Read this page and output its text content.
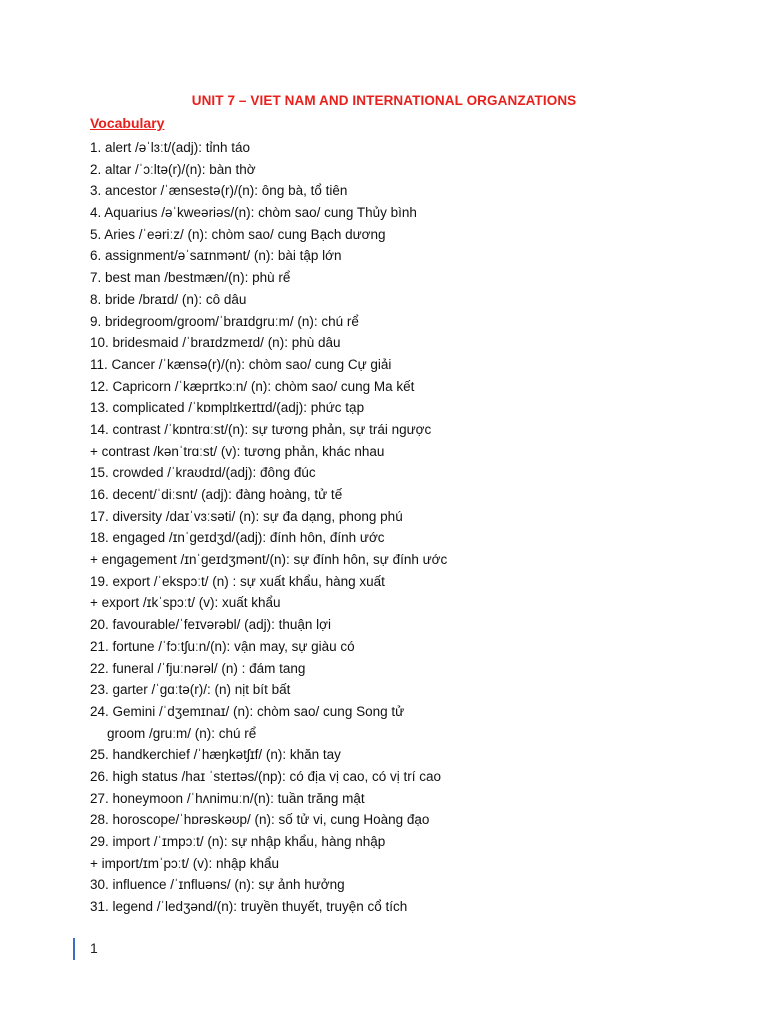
UNIT 7 – VIET NAM AND INTERNATIONAL ORGANZATIONS
Vocabulary
1. alert /əˈlɜːt/(adj): tỉnh táo
2. altar /ˈɔːltə(r)/(n): bàn thờ
3. ancestor /ˈænsestə(r)/(n): ông bà, tổ tiên
4. Aquarius /əˈkweəriəs/(n): chòm sao/ cung Thủy bình
5. Aries /ˈeəriːz/ (n): chòm sao/ cung Bạch dương
6. assignment/əˈsaɪnmənt/ (n): bài tập lớn
7. best man /bestmæn/(n): phù rể
8. bride /braɪd/ (n): cô dâu
9. bridegroom/groom/ˈbraɪdgruːm/ (n): chú rể
10. bridesmaid /ˈbraɪdzmeɪd/ (n): phù dâu
11. Cancer /ˈkænsə(r)/(n): chòm sao/ cung Cự giải
12. Capricorn /ˈkæprɪkɔːn/ (n): chòm sao/ cung Ma kết
13. complicated /ˈkɒmplɪkeɪtɪd/(adj): phức tạp
14. contrast /ˈkɒntrɑːst/(n): sự tương phản, sự trái ngược
+ contrast /kənˈtrɑːst/ (v): tương phản, khác nhau
15. crowded /ˈkraʊdɪd/(adj): đông đúc
16. decent/ˈdiːsnt/ (adj): đàng hoàng, tử tế
17. diversity /daɪˈvɜːsəti/ (n): sự đa dạng, phong phú
18. engaged /ɪnˈgeɪdʒd/(adj): đính hôn, đính ước
+ engagement /ɪnˈgeɪdʒmənt/(n): sự đính hôn, sự đính ước
19. export /ˈekspɔːt/ (n) : sự xuất khẩu, hàng xuất
+ export /ɪkˈspɔːt/ (v): xuất khẩu
20. favourable/ˈfeɪvərəbl/ (adj): thuận lợi
21. fortune /ˈfɔːtʃuːn/(n): vận may, sự giàu có
22. funeral /ˈfjuːnərəl/ (n) : đám tang
23. garter /ˈgɑːtə(r)/: (n) nịt bít bất
24. Gemini /ˈdʒemɪnaɪ/ (n): chòm sao/ cung Song tử
groom /gruːm/ (n): chú rể
25. handkerchief /ˈhæŋkətʃɪf/ (n): khăn tay
26. high status /haɪ ˈsteɪtəs/(np): có địa vị cao, có vị trí cao
27. honeymoon /ˈhʌnimuːn/(n): tuần trăng mật
28. horoscope/ˈhɒrəskəʊp/ (n): số tử vi, cung Hoàng đạo
29. import /ˈɪmpɔːt/ (n): sự nhập khẩu, hàng nhập
+ import/ɪmˈpɔːt/ (v): nhập khẩu
30. influence /ˈɪnfluəns/ (n): sự ảnh hưởng
31. legend /ˈledʒənd/(n): truyền thuyết, truyện cổ tích
1
